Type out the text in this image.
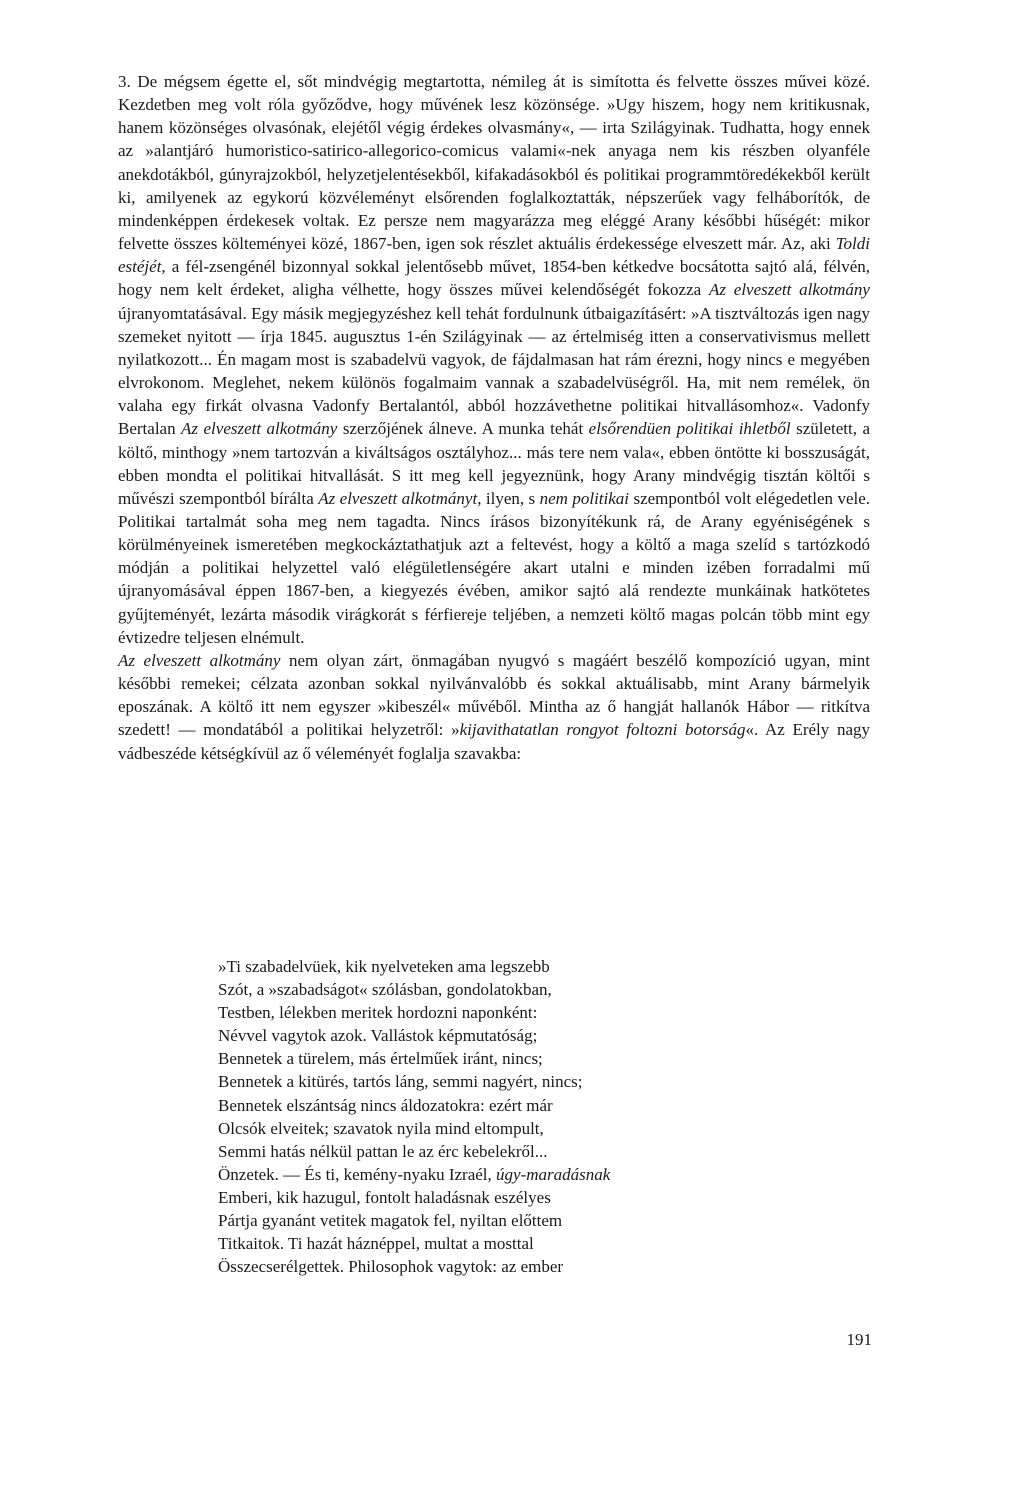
3. De mégsem égette el, sőt mindvégig megtartotta, némileg át is simította és felvette összes művei közé. Kezdetben meg volt róla győződve, hogy művének lesz közönsége. »Ugy hiszem, hogy nem kritikusnak, hanem közönséges olvasónak, elejétől végig érdekes olvasmány«, — irta Szilágyinak. Tudhatta, hogy ennek az »alantjáró humoristico-satirico-allegorico-comicus valami«-nek anyaga nem kis részben olyanféle anekdotákból, gúnyrajzokból, helyzetjelentésekből, kifakadásokból és politikai programmtöredékekből került ki, amilyenek az egykorú közvéleményt elsőrenden foglalkoztatták, népszerűek vagy felháborítók, de mindenképpen érdekesek voltak. Ez persze nem magyarázza meg eléggé Arany későbbi hűségét: mikor felvette összes költeményei közé, 1867-ben, igen sok részlet aktuális érdekessége elveszett már. Az, aki Toldi estéjét, a fél-zsengénél bizonnyal sokkal jelentősebb művet, 1854-ben kétkedve bocsátotta sajtó alá, félvén, hogy nem kelt érdeket, aligha vélhette, hogy összes művei kelendőségét fokozza Az elveszett alkotmány újranyomtatásával. Egy másik megjegyzéshez kell tehát fordulnunk útbaigazításért: »A tisztváltozás igen nagy szemeket nyitott — írja 1845. augusztus 1-én Szilágyinak — az értelmiség itten a conservativismus mellett nyilatkozott... Én magam most is szabadelvü vagyok, de fájdalmasan hat rám érezni, hogy nincs e megyében elvrokonom. Meglehet, nekem különös fogalmaim vannak a szabadelvüségről. Ha, mit nem remélek, ön valaha egy firkát olvasna Vadonfy Bertalantól, abból hozzávethetne politikai hitvallásomhoz«. Vadonfy Bertalan Az elveszett alkotmány szerzőjének álneve. A munka tehát elsőrendüen politikai ihletből született, a költő, minthogy »nem tartozván a kiváltságos osztályhoz... más tere nem vala«, ebben öntötte ki bosszuságát, ebben mondta el politikai hitvallását. S itt meg kell jegyeznünk, hogy Arany mindvégig tisztán költői s művészi szempontból bírálta Az elveszett alkotmányt, ilyen, s nem politikai szempontból volt elégedetlen vele. Politikai tartalmát soha meg nem tagadta. Nincs írásos bizonyítékunk rá, de Arany egyéniségének s körülményeinek ismeretében megkockáztathatjuk azt a feltevést, hogy a költő a maga szelíd s tartózkodó módján a politikai helyzettel való elégületlenségére akart utalni e minden izében forradalmi mű újranyomásával éppen 1867-ben, a kiegyezés évében, amikor sajtó alá rendezte munkáinak hatkötetes gyűjteményét, lezárta második virágkorát s férfiereje teljében, a nemzeti költő magas polcán több mint egy évtizedre teljesen elnémult.

Az elveszett alkotmány nem olyan zárt, önmagában nyugvó s magáért beszélő kompozíció ugyan, mint későbbi remekei; célzata azonban sokkal nyilvánvalóbb és sokkal aktuálisabb, mint Arany bármelyik eposzának. A költő itt nem egyszer »kibeszél« művéből. Mintha az ő hangját hallanók Hábor — ritkítva szedett! — mondatából a politikai helyzetről: »kijavithatatlan rongyot foltozni botorság«. Az Erély nagy vádbeszéde kétségkívül az ő véleményét foglalja szavakba:

»Ti szabadelvüek, kik nyelveteken ama legszebb
Szót, a »szabadságot« szólásban, gondolatokban,
Testben, lélekben meritek hordozni naponként:
Névvel vagytok azok. Vallástok képmutatóság;
Bennetek a türelem, más értelműek iránt, nincs;
Bennetek a kitürés, tartós láng, semmi nagyért, nincs;
Bennetek elszántság nincs áldozatokra: ezért már
Olcsók elveitek; szavatok nyila mind eltompult,
Semmi hatás nélkül pattan le az érc kebelekről...
Önzetek. — És ti, kemény-nyaku Izraél, úgy-maradásnak
Emberi, kik hazugul, fontolt haladásnak eszélyes
Pártja gyanánt vetitek magatok fel, nyiltan előttem
Titkaitok. Ti hazát háznéppel, multat a mosttal
Összecserélgettek. Philosophok vagytok: az ember
191
